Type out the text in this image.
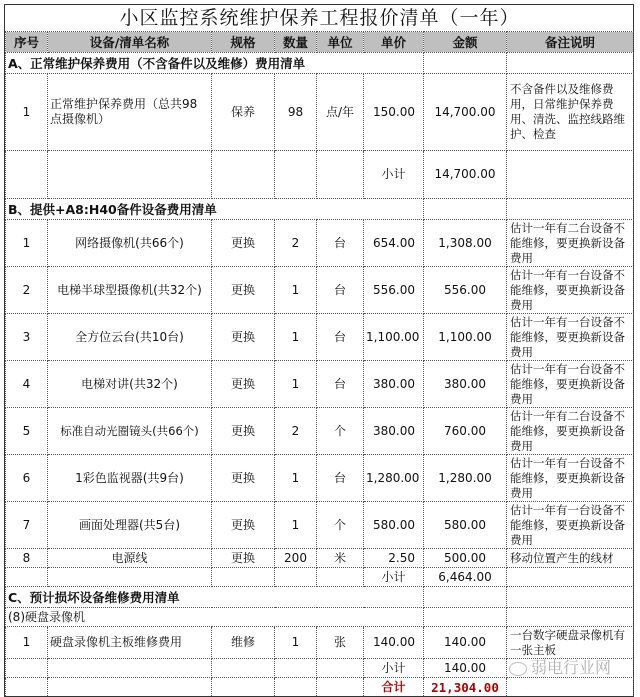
小区监控系统维护保养工程报价清单（一年）							
序号	设备/清单名称	规格	数量	单位	单价	金额	备注说明
A、正常维护保养费用（不含备件以及维修）费用清单							
1	正常维护保养费用（总共98点摄像机）	保养	98	点/年	150.00	14,700.00	不含备件以及维修费用，日常维护保养费用、清洗、监控线路维护、检查
					小计	14,700.00	
B、提供+A8:H40备件设备费用清单							
1	网络摄像机(共66个)	更换	2	台	654.00	1,308.00	估计一年有二台设备不能维修，要更换新设备费用
2	电梯半球型摄像机(共32个)	更换	1	台	556.00	556.00	估计一年有一台设备不能维修，要更换新设备费用
3	全方位云台(共10台)	更换	1	台	1,100.00	1,100.00	估计一年有一台设备不能维修，要更换新设备费用
4	电梯对讲(共32个)	更换	1	台	380.00	380.00	估计一年有一台设备不能维修，要更换新设备费用
5	标准自动光圈镜头(共66个)	更换	2	个	380.00	760.00	估计一年有二台设备不能维修，要更换新设备费用
6	1彩色监视器(共9台)	更换	1	台	1,280.00	1,280.00	估计一年有一台设备不能维修，要更换新设备费用
7	画面处理器(共5台)	更换	1	个	580.00	580.00	估计一年有一台设备不能维修，要更换新设备费用
8	电源线	更换	200	米	2.50	500.00	移动位置产生的线材
					小计	6,464.00	
C、预计损坏设备维修费用清单							
(8)硬盘录像机							
1	硬盘录像机主板维修费用	维修	1	张	140.00	140.00	一台数字硬盘录像机有一张主板
					小计	140.00	弱电行业网
					合计	21,304.00	
